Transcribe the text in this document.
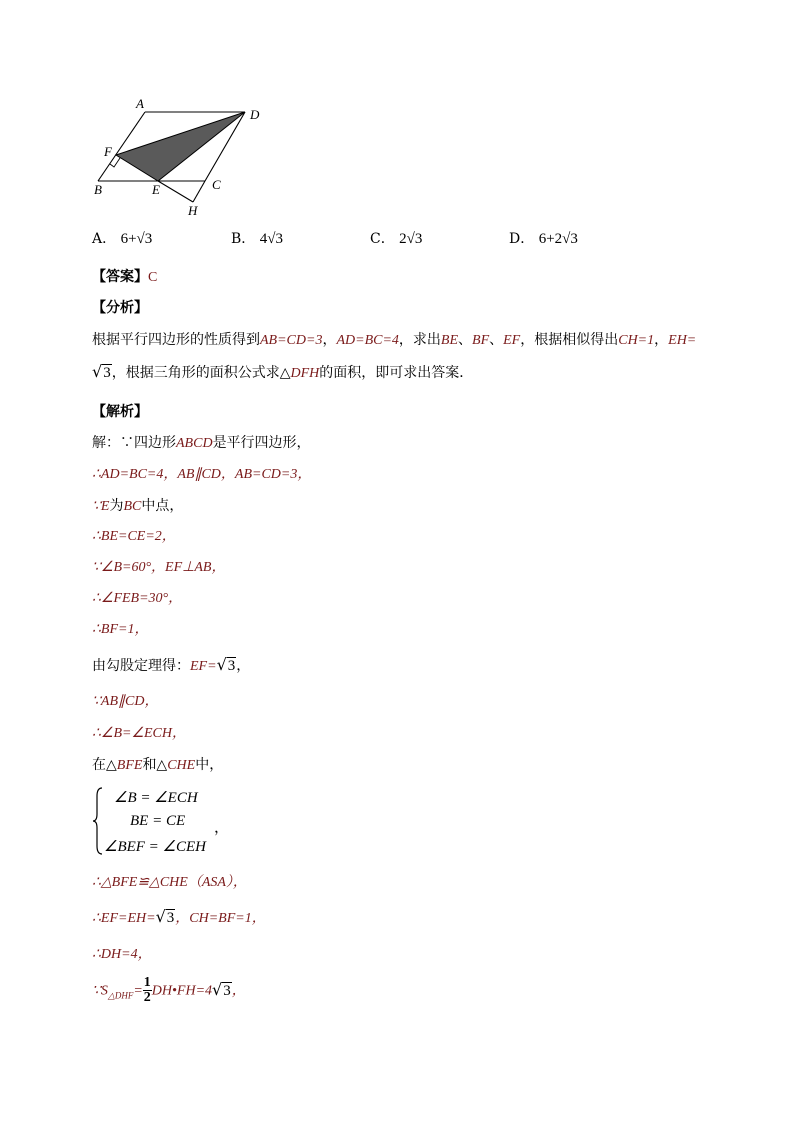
A
D
F
B	E	C
H
A． 6+√3	B． 4√3	C． 2√3	D． 6+2√3
【答案】C
【分析】
根据平行四边形的性质得到AB=CD=3，AD=BC=4，求出BE、BF、EF，根据相似得出CH=1，EH=
√3，根据三角形的面积公式求△DFH的面积，即可求出答案．
【解析】
解：∵四边形ABCD是平行四边形，
∴AD=BC=4，AB∥CD，AB=CD=3，
∵E为BC中点，
∴BE=CE=2，
∵∠B=60°，EF⊥AB，
∴∠FEB=30°，
∴BF=1，
由勾股定理得：EF=√3，
∵AB∥CD，
∴∠B=∠ECH，
在△BFE和△CHE中，
∠B = ∠ECH
BE = CE
∠BEF = ∠CEH
，
∴△BFE≌△CHE（ASA），
∴EF=EH=√3，CH=BF=1，
∴DH=4，
$\because S_{\triangle DHF}= \frac{1}{2}$ DH•FH=4√3，
